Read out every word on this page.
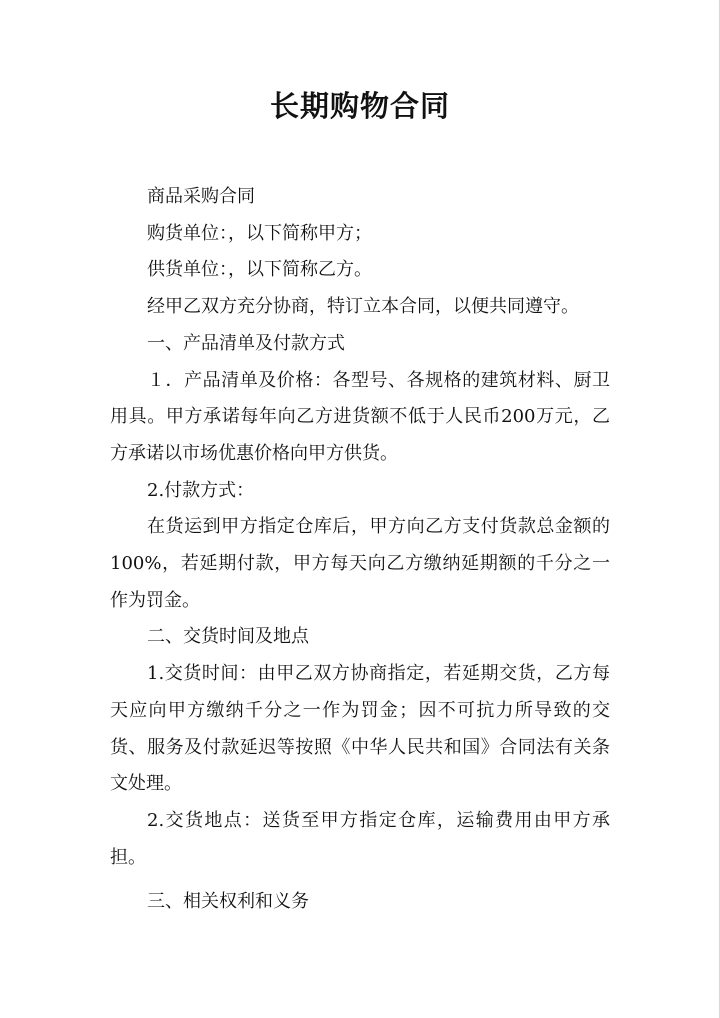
长期购物合同

商品采购合同

购货单位：，以下简称甲方；

供货单位：，以下简称乙方。

经甲乙双方充分协商，特订立本合同，以便共同遵守。

一、产品清单及付款方式

１．产品清单及价格：各型号、各规格的建筑材料、厨卫用具。甲方承诺每年向乙方进货额不低于人民币200万元，乙方承诺以市场优惠价格向甲方供货。

2.付款方式：

在货运到甲方指定仓库后，甲方向乙方支付货款总金额的100%，若延期付款，甲方每天向乙方缴纳延期额的千分之一作为罚金。

二、交货时间及地点

1.交货时间：由甲乙双方协商指定，若延期交货，乙方每天应向甲方缴纳千分之一作为罚金；因不可抗力所导致的交货、服务及付款延迟等按照《中华人民共和国》合同法有关条文处理。

2.交货地点：送货至甲方指定仓库，运输费用由甲方承担。

三、相关权利和义务
